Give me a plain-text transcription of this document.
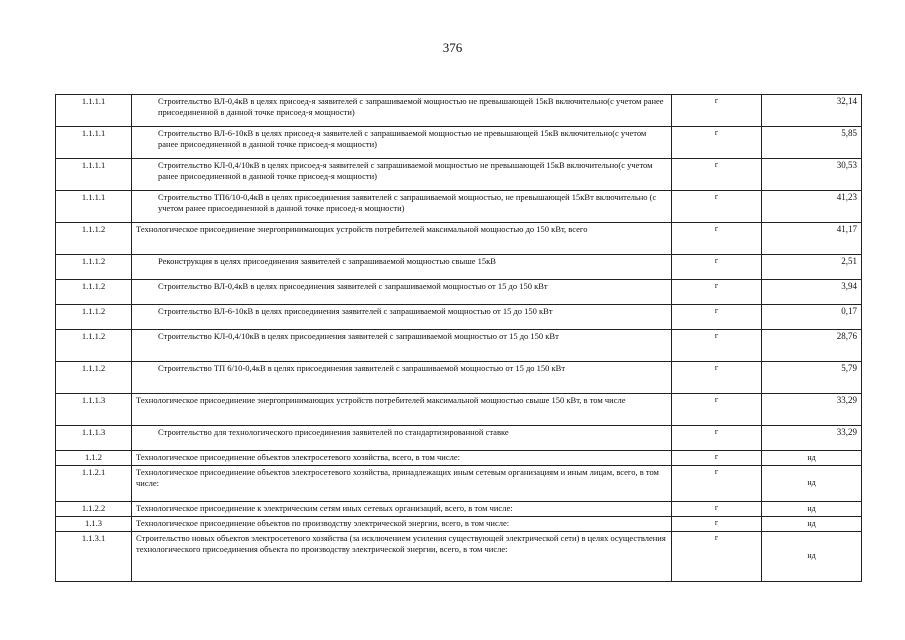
376
1.1.1.1	Строительство ВЛ-0,4кВ в целях присоед-я заявителей с запрашиваемой мощностью не превышающей 15кВ включительно(с учетом ранее присоединенной в данной точке присоед-я мощности)	г	32,14
1.1.1.1	Строительство ВЛ-6-10кВ в целях присоед-я заявителей с запрашиваемой мощностью не превышающей 15кВ включительно(с учетом ранее присоединенной в данной точке присоед-я мощности)	г	5,85
1.1.1.1	Строительство КЛ-0,4/10кВ в целях присоед-я заявителей с запрашиваемой мощностью не превышающей 15кВ включительно(с учетом ранее присоединенной в данной точке присоед-я мощности)	г	30,53
1.1.1.1	Строительство ТП6/10-0,4кВ в целях присоединения заявителей с запрашиваемой мощностью, не превышающей 15кВт включительно (с учетом ранее присоединенной в данной точке присоед-я мощности)	г	41,23
1.1.1.2	Технологическое присоединение энергопринимающих устройств потребителей максимальной мощностью до 150 кВт, всего	г	41,17
1.1.1.2	Реконструкция в целях присоединения заявителей с запрашиваемой мощностью свыше 15кВ	г	2,51
1.1.1.2	Строительство ВЛ-0,4кВ в целях присоединения заявителей с запрашиваемой мощностью от 15 до 150 кВт	г	3,94
1.1.1.2	Строительство ВЛ-6-10кВ в целях присоединения заявителей с запрашиваемой мощностью от 15 до 150 кВт	г	0,17
1.1.1.2	Строительство КЛ-0,4/10кВ в целях присоединения заявителей с запрашиваемой мощностью от 15 до 150 кВт	г	28,76
1.1.1.2	Строительство ТП 6/10-0,4кВ в целях присоединения заявителей с запрашиваемой мощностью от 15 до 150 кВт	г	5,79
1.1.1.3	Технологическое присоединение энергопринимающих устройств потребителей максимальной мощностью свыше 150 кВт, в том числе	г	33,29
1.1.1.3	Строительство для технологического присоединения заявителей по стандартизированной ставке	г	33,29
1.1.2	Технологическое присоединение объектов электросетевого хозяйства, всего, в том числе:	г	нд
1.1.2.1	Технологическое присоединение объектов электросетевого хозяйства, принадлежащих иным сетевым организациям и иным лицам, всего, в том числе:	г	нд
1.1.2.2	Технологическое присоединение к электрическим сетям иных сетевых организаций, всего, в том числе:	г	нд
1.1.3	Технологическое присоединение объектов по производству электрической энергии, всего, в том числе:	г	нд
1.1.3.1	Строительство новых объектов электросетевого хозяйства (за исключением усиления существующей электрической сети) в целях осуществления технологического присоединения объекта по производству электрической энергии, всего, в том числе:	г	нд
